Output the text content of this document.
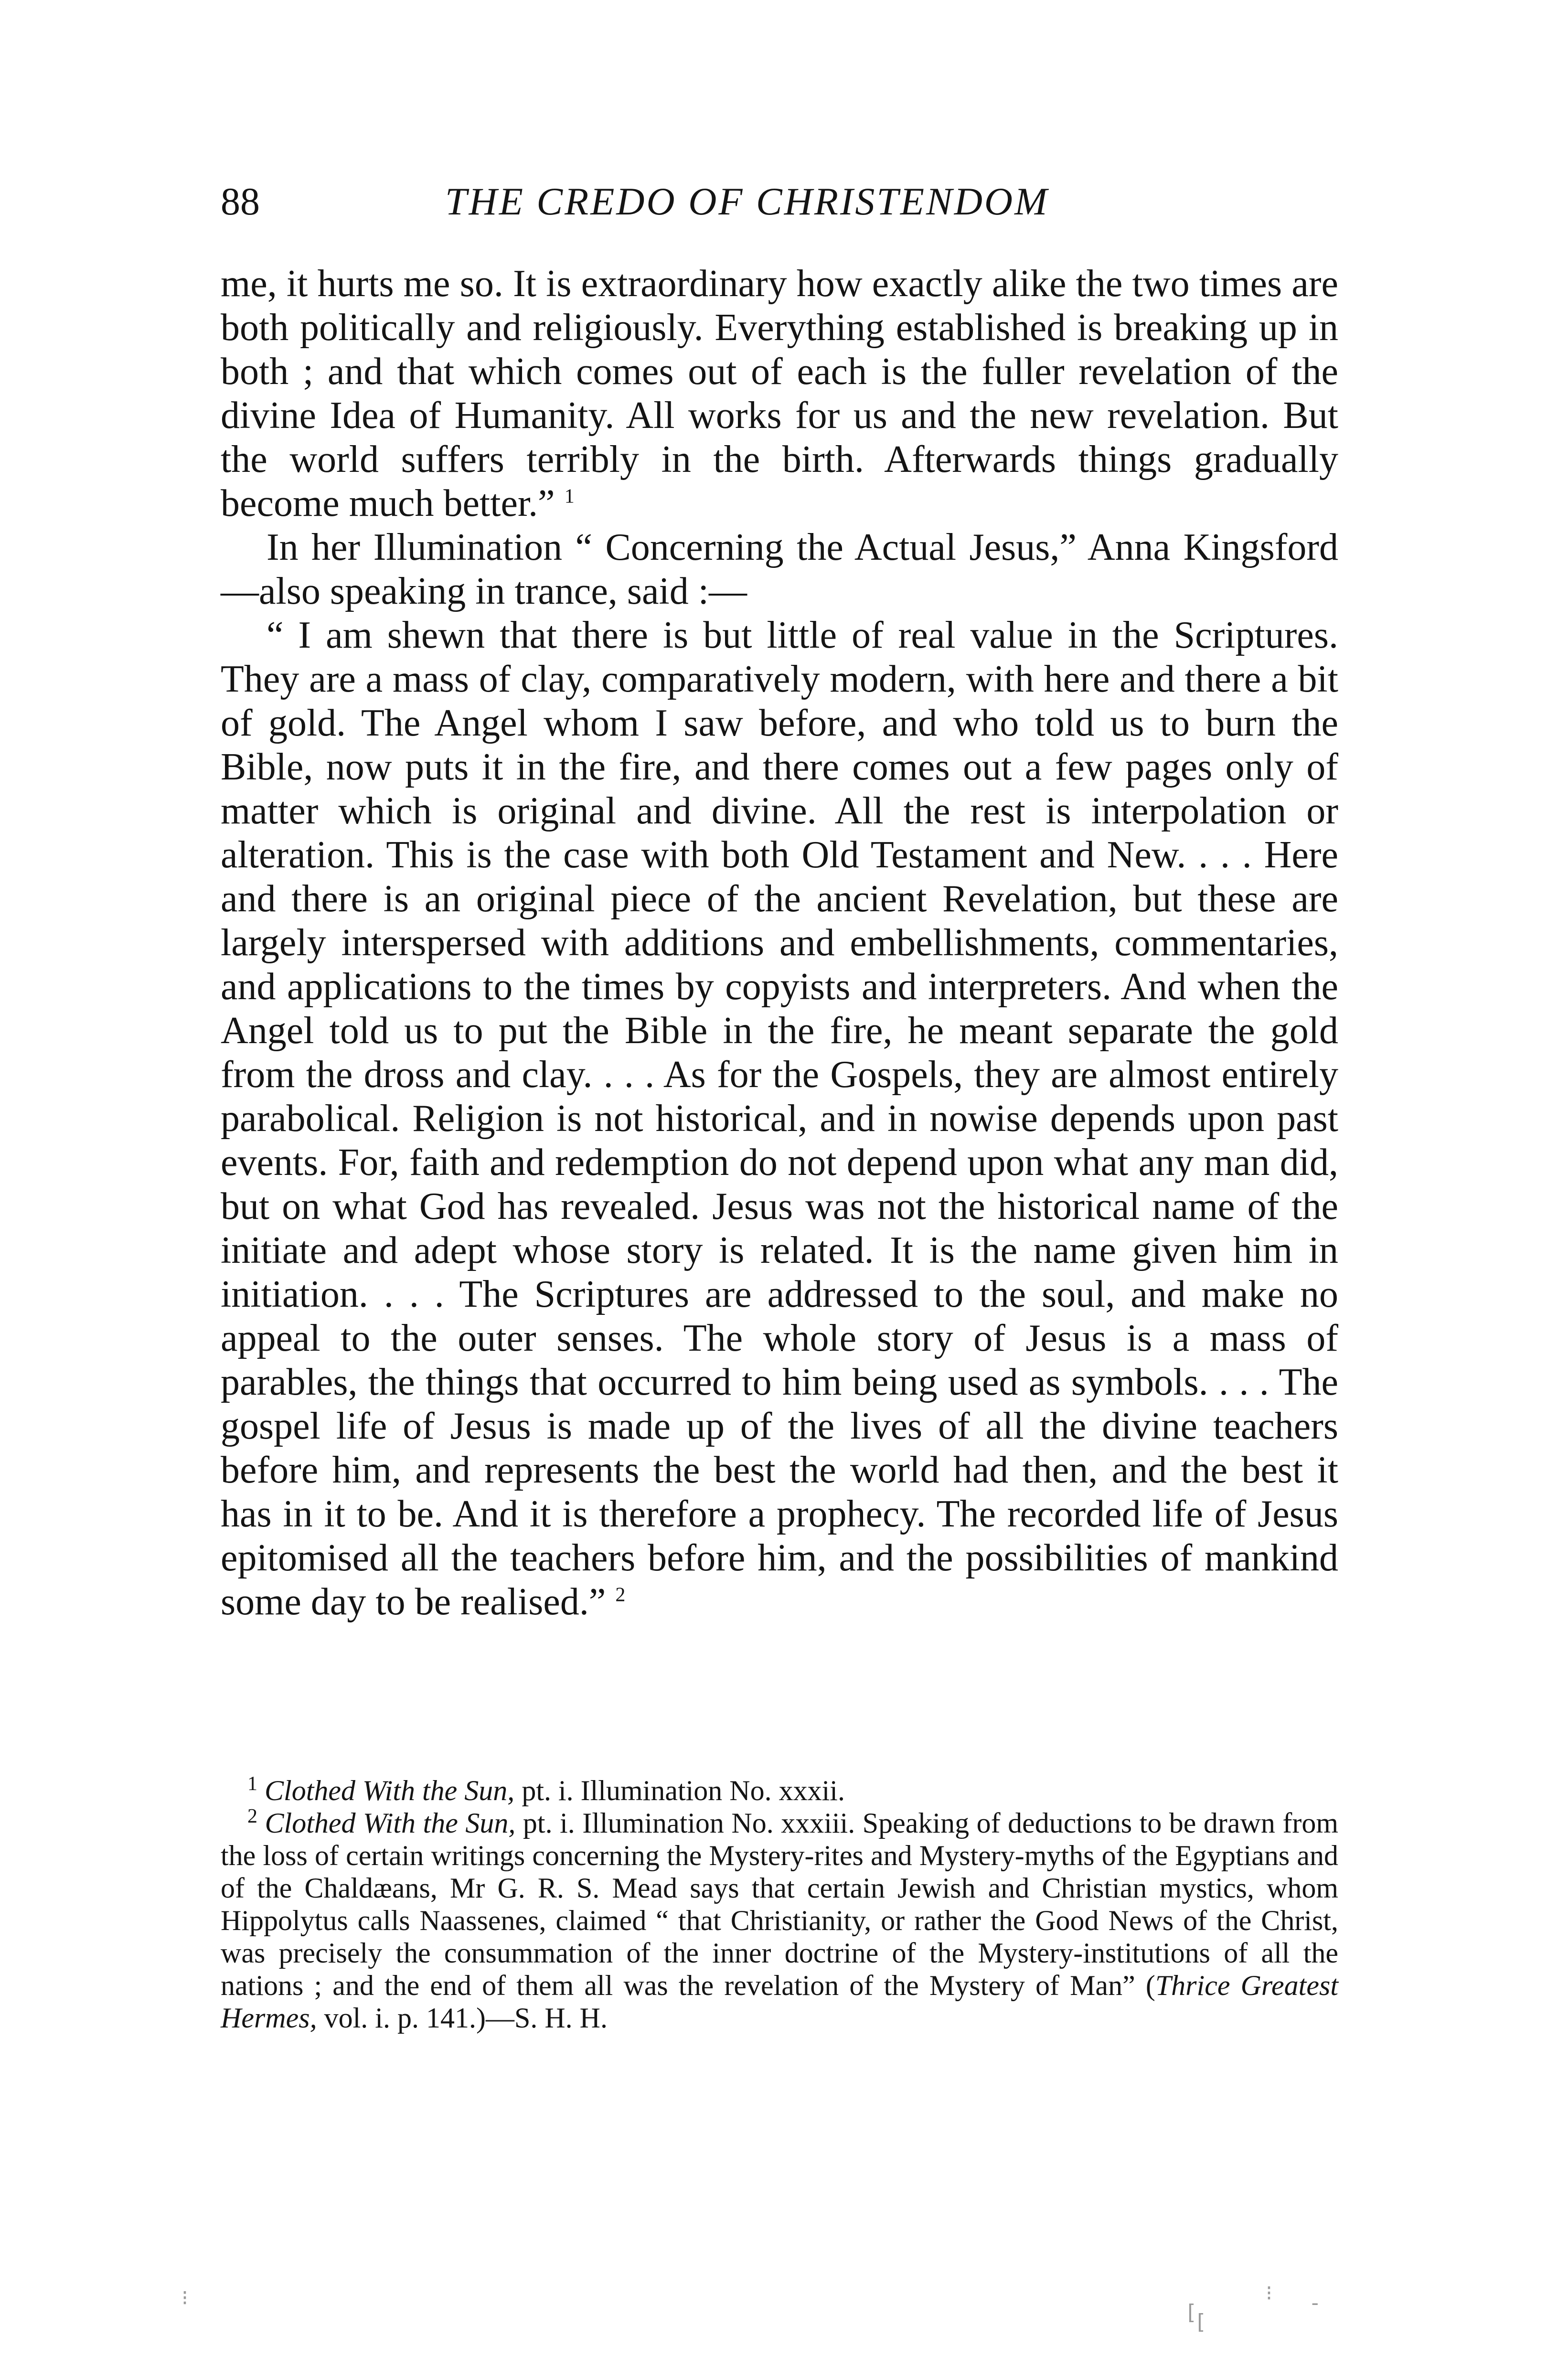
88	THE CREDO OF CHRISTENDOM

me, it hurts me so. It is extraordinary how exactly alike the two times are both politically and religiously. Everything established is breaking up in both ; and that which comes out of each is the fuller revelation of the divine Idea of Humanity. All works for us and the new revelation. But the world suffers terribly in the birth. Afterwards things gradually become much better.” $^1$

In her Illumination “ Concerning the Actual Jesus,” Anna Kingsford—also speaking in trance, said :—

“ I am shewn that there is but little of real value in the Scriptures. They are a mass of clay, comparatively modern, with here and there a bit of gold. The Angel whom I saw before, and who told us to burn the Bible, now puts it in the fire, and there comes out a few pages only of matter which is original and divine. All the rest is interpolation or alteration. This is the case with both Old Testament and New. . . . Here and there is an original piece of the ancient Revelation, but these are largely interspersed with additions and embellishments, commentaries, and applications to the times by copyists and interpreters. And when the Angel told us to put the Bible in the fire, he meant separate the gold from the dross and clay. . . . As for the Gospels, they are almost entirely parabolical. Religion is not historical, and in nowise depends upon past events. For, faith and redemption do not depend upon what any man did, but on what God has revealed. Jesus was not the historical name of the initiate and adept whose story is related. It is the name given him in initiation. . . . The Scriptures are addressed to the soul, and make no appeal to the outer senses. The whole story of Jesus is a mass of parables, the things that occurred to him being used as symbols. . . . The gospel life of Jesus is made up of the lives of all the divine teachers before him, and represents the best the world had then, and the best it has in it to be. And it is therefore a prophecy. The recorded life of Jesus epitomised all the teachers before him, and the possibilities of mankind some day to be realised.” $^2$

$^1$ Clothed With the Sun, pt. i. Illumination No. xxxii.

$^2$ Clothed With the Sun, pt. i. Illumination No. xxxiii. Speaking of deductions to be drawn from the loss of certain writings concerning the Mystery-rites and Mystery-myths of the Egyptians and of the Chaldæans, Mr G. R. S. Mead says that certain Jewish and Christian mystics, whom Hippolytus calls Naassenes, claimed “ that Christianity, or rather the Good News of the Christ, was precisely the consummation of the inner doctrine of the Mystery-institutions of all the nations ; and the end of them all was the revelation of the Mystery of Man” (Thrice Greatest Hermes, vol. i. p. 141.)—S. H. H.

⁝
[
⁝
[
-
